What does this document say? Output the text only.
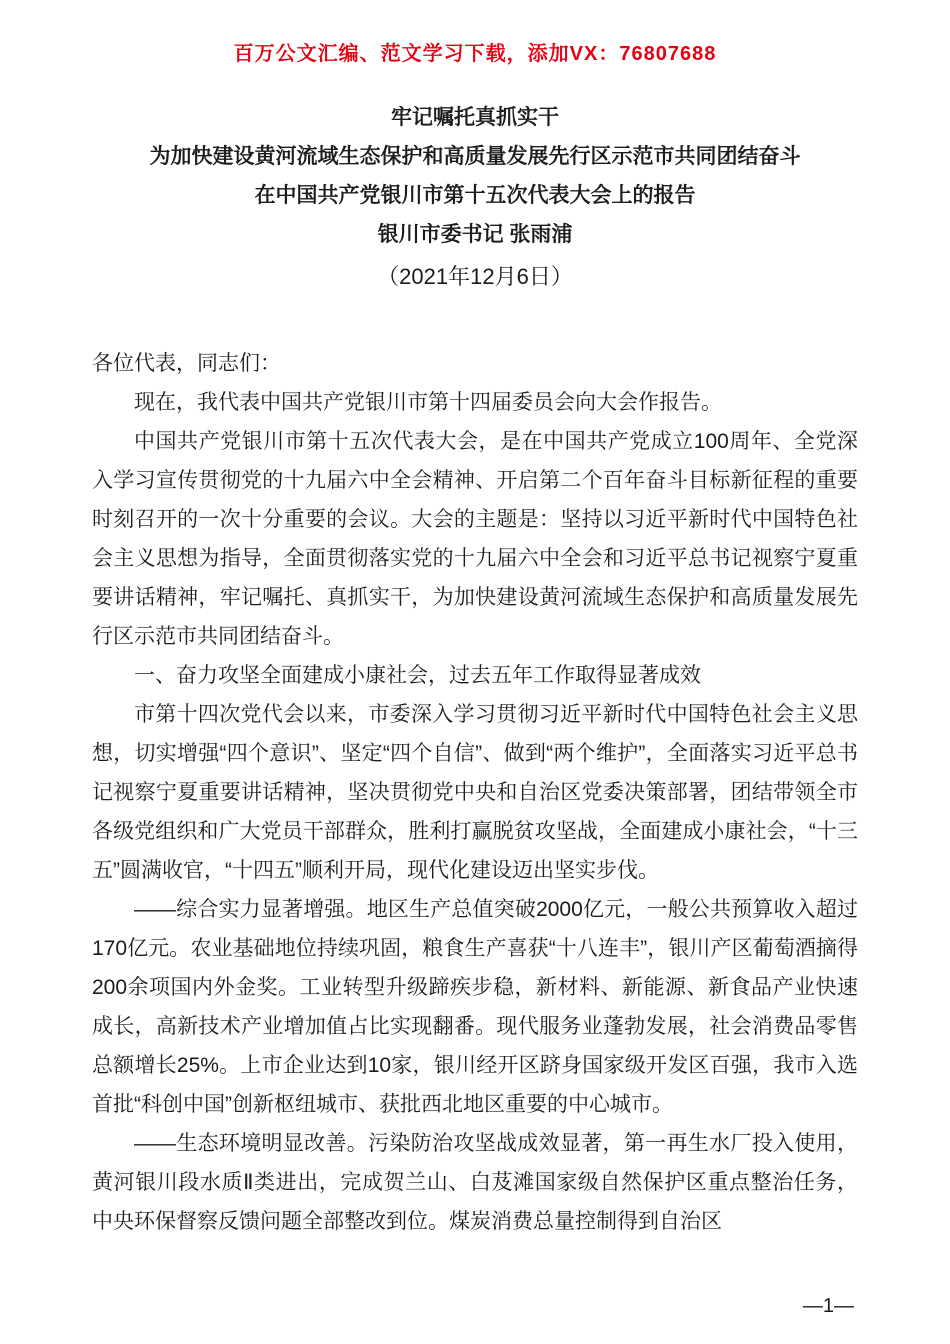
百万公文汇编、范文学习下载，添加VX：76807688
牢记嘱托真抓实干
为加快建设黄河流域生态保护和高质量发展先行区示范市共同团结奋斗
在中国共产党银川市第十五次代表大会上的报告
银川市委书记 张雨浦
（2021年12月6日）

各位代表，同志们：

现在，我代表中国共产党银川市第十四届委员会向大会作报告。

中国共产党银川市第十五次代表大会，是在中国共产党成立100周年、全党深入学习宣传贯彻党的十九届六中全会精神、开启第二个百年奋斗目标新征程的重要时刻召开的一次十分重要的会议。大会的主题是：坚持以习近平新时代中国特色社会主义思想为指导，全面贯彻落实党的十九届六中全会和习近平总书记视察宁夏重要讲话精神，牢记嘱托、真抓实干，为加快建设黄河流域生态保护和高质量发展先行区示范市共同团结奋斗。

一、奋力攻坚全面建成小康社会，过去五年工作取得显著成效

市第十四次党代会以来，市委深入学习贯彻习近平新时代中国特色社会主义思想，切实增强“四个意识”、坚定“四个自信”、做到“两个维护”，全面落实习近平总书记视察宁夏重要讲话精神，坚决贯彻党中央和自治区党委决策部署，团结带领全市各级党组织和广大党员干部群众，胜利打赢脱贫攻坚战，全面建成小康社会，“十三五”圆满收官，“十四五”顺利开局，现代化建设迈出坚实步伐。

——综合实力显著增强。地区生产总值突破2000亿元，一般公共预算收入超过170亿元。农业基础地位持续巩固，粮食生产喜获“十八连丰”，银川产区葡萄酒摘得200余项国内外金奖。工业转型升级蹄疾步稳，新材料、新能源、新食品产业快速成长，高新技术产业增加值占比实现翻番。现代服务业蓬勃发展，社会消费品零售总额增长25%。上市企业达到10家，银川经开区跻身国家级开发区百强，我市入选首批“科创中国”创新枢纽城市、获批西北地区重要的中心城市。

——生态环境明显改善。污染防治攻坚战成效显著，第一再生水厂投入使用，黄河银川段水质Ⅱ类进出，完成贺兰山、白芨滩国家级自然保护区重点整治任务，中央环保督察反馈问题全部整改到位。煤炭消费总量控制得到自治区

—1—
